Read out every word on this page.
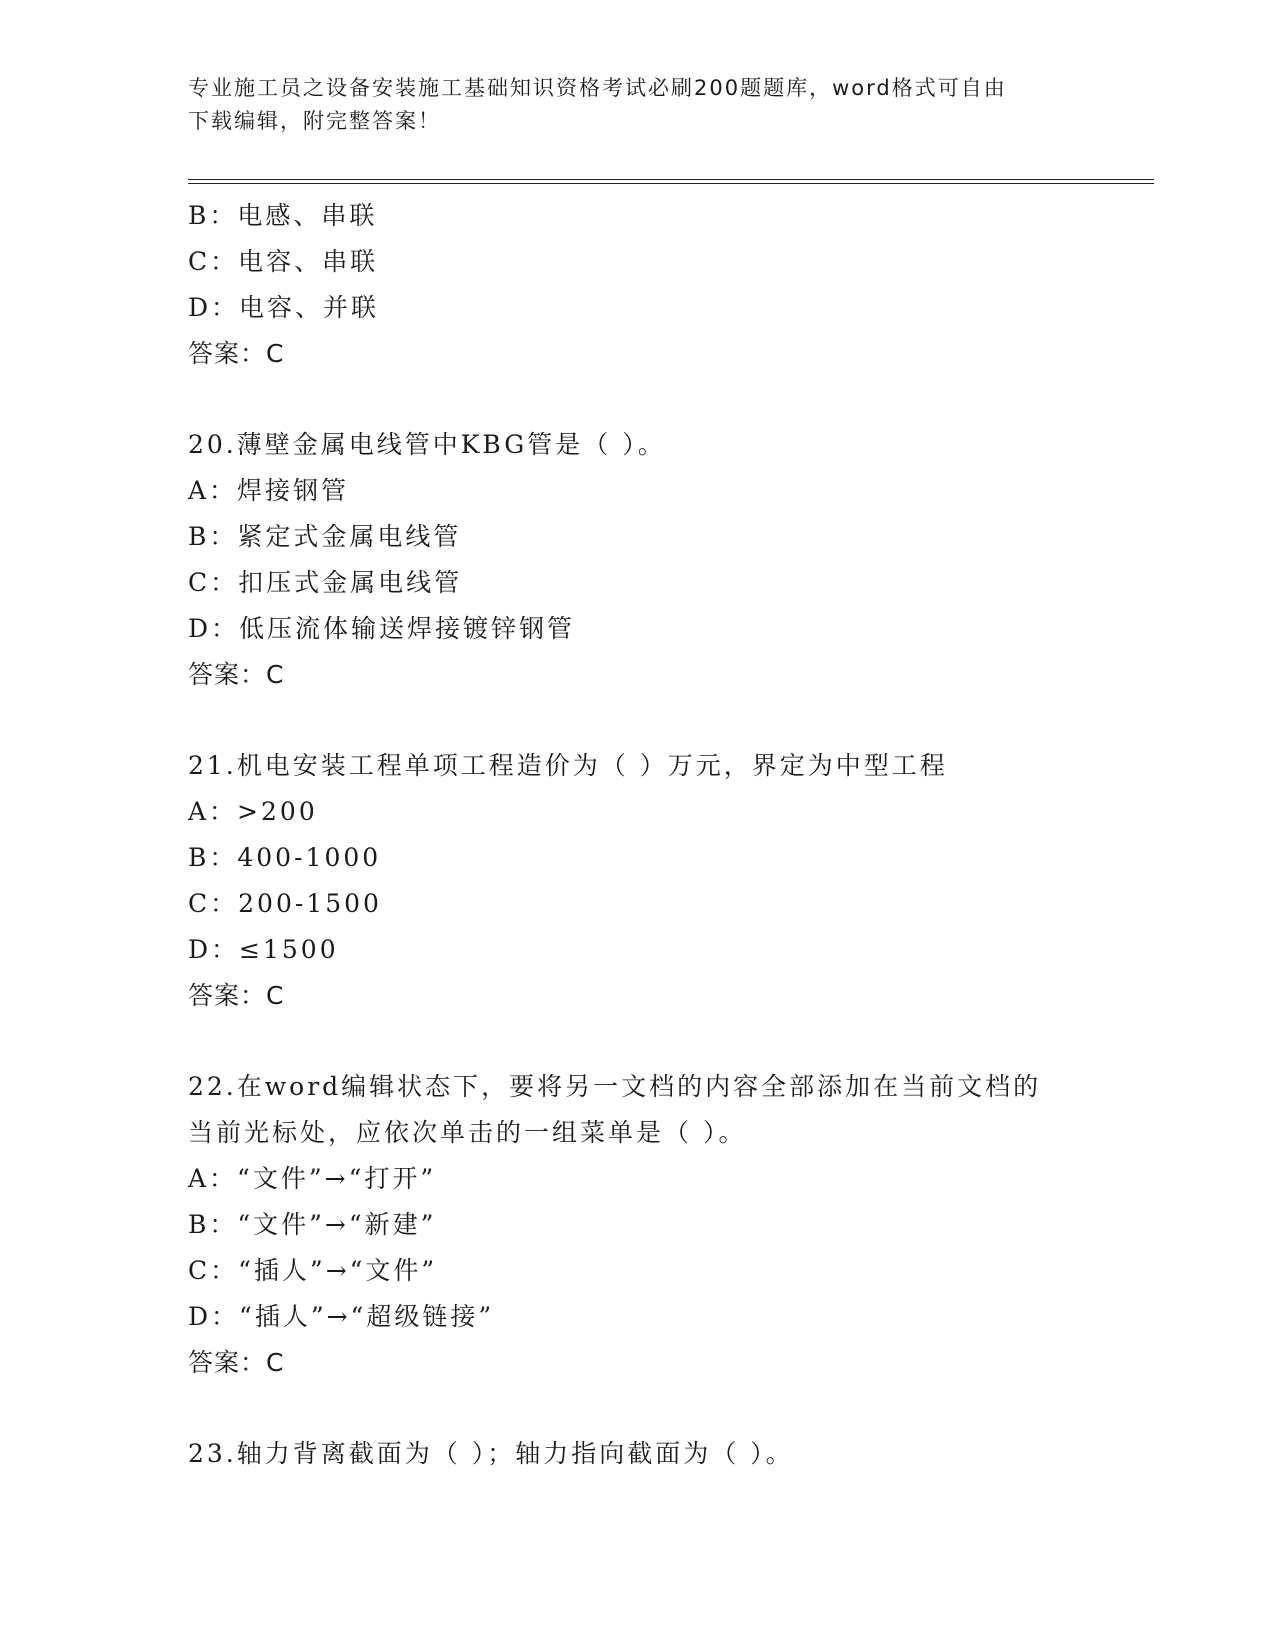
专业施工员之设备安装施工基础知识资格考试必刷200题题库，word格式可自由
下载编辑，附完整答案！
B：电感、串联
C：电容、串联
D：电容、并联
答案：C
20.薄壁金属电线管中KBG管是（ ）。
A：焊接钢管
B：紧定式金属电线管
C：扣压式金属电线管
D：低压流体输送焊接镀锌钢管
答案：C
21.机电安装工程单项工程造价为（ ）万元，界定为中型工程
A：>200
B：400-1000
C：200-1500
D：≤1500
答案：C
22.在word编辑状态下，要将另一文档的内容全部添加在当前文档的
当前光标处，应依次单击的一组菜单是（ ）。
A：“文件”→“打开”
B：“文件”→“新建”
C：“插人”→“文件”
D：“插人”→“超级链接”
答案：C
23.轴力背离截面为（ ）；轴力指向截面为（ ）。
